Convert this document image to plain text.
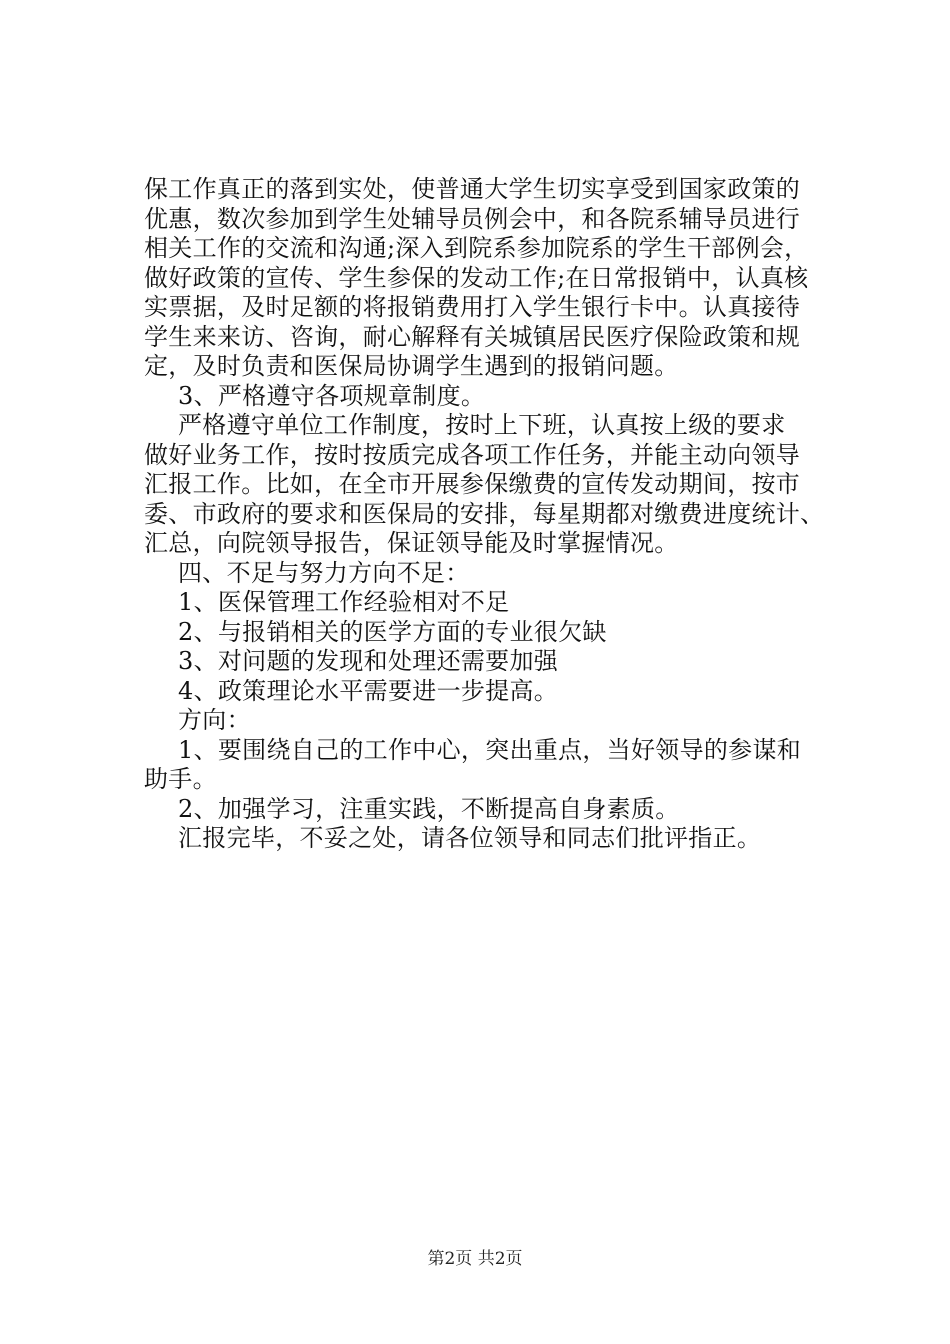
保工作真正的落到实处，使普通大学生切实享受到国家政策的
优惠，数次参加到学生处辅导员例会中，和各院系辅导员进行
相关工作的交流和沟通;深入到院系参加院系的学生干部例会，
做好政策的宣传、学生参保的发动工作;在日常报销中，认真核
实票据，及时足额的将报销费用打入学生银行卡中。认真接待
学生来来访、咨询，耐心解释有关城镇居民医疗保险政策和规
定，及时负责和医保局协调学生遇到的报销问题。
3、严格遵守各项规章制度。
严格遵守单位工作制度，按时上下班，认真按上级的要求
做好业务工作，按时按质完成各项工作任务，并能主动向领导
汇报工作。比如，在全市开展参保缴费的宣传发动期间，按市
委、市政府的要求和医保局的安排，每星期都对缴费进度统计、
汇总，向院领导报告，保证领导能及时掌握情况。
四、不足与努力方向不足：
1、医保管理工作经验相对不足
2、与报销相关的医学方面的专业很欠缺
3、对问题的发现和处理还需要加强
4、政策理论水平需要进一步提高。
方向：
1、要围绕自己的工作中心，突出重点，当好领导的参谋和
助手。
2、加强学习，注重实践，不断提高自身素质。
汇报完毕，不妥之处，请各位领导和同志们批评指正。
第2页 共2页
